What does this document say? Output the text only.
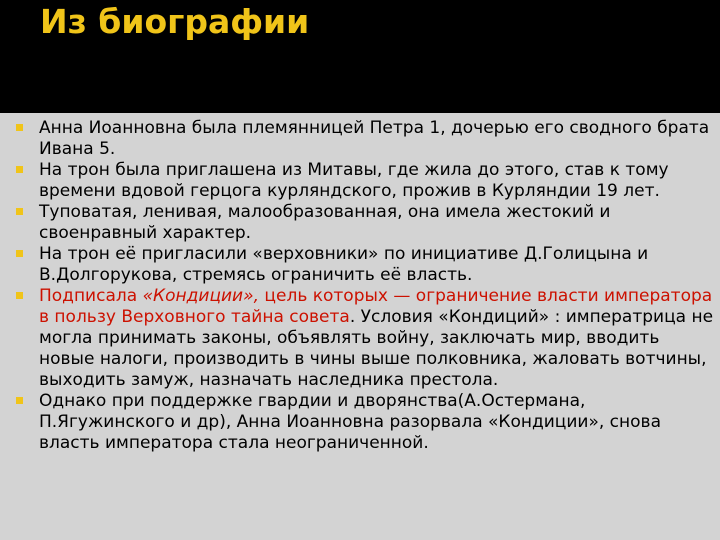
Из биографии
Анна Иоанновна была племянницей Петра 1, дочерью его сводного брата Ивана 5.
На трон была приглашена из Митавы, где жила до этого, став к тому времени вдовой герцога курляндского, прожив в Курляндии 19 лет.
Туповатая, ленивая, малообразованная, она имела жестокий и своенравный характер.
На трон её пригласили «верховники» по инициативе Д.Голицына и В.Долгорукова, стремясь ограничить её власть.
Подписала «Кондиции», цель которых — ограничение власти императора в пользу Верховного тайна совета. Условия «Кондиций» : императрица не могла принимать законы, объявлять войну, заключать мир, вводить новые налоги, производить в чины выше полковника, жаловать вотчины, выходить замуж, назначать наследника престола.
Однако при поддержке гвардии и дворянства(А.Остермана, П.Ягужинского и др), Анна Иоанновна разорвала «Кондиции», снова власть императора стала неограниченной.
